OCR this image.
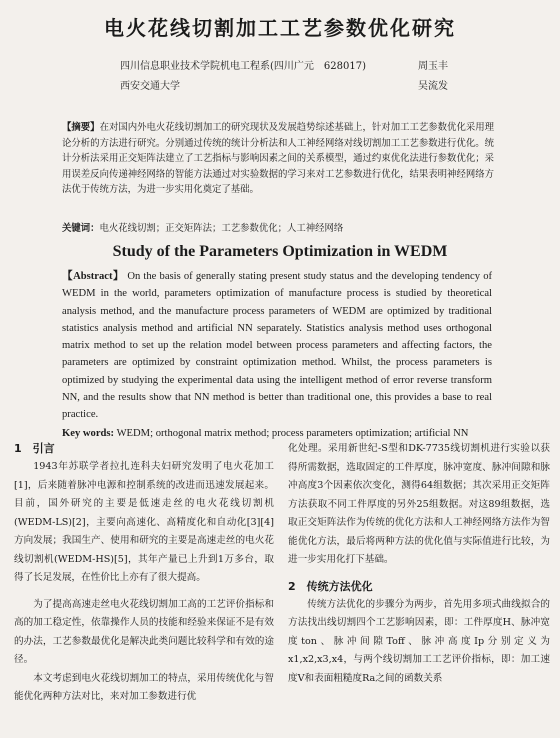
电火花线切割加工工艺参数优化研究
四川信息职业技术学院机电工程系(四川广元　628017)
西安交通大学
周玉丰
吴流发
【摘要】在对国内外电火花线切割加工的研究现状及发展趋势综述基础上，针对加工工艺参数优化采用理论分析的方法进行研究。分别通过传统的统计分析法和人工神经网络对线切割加工工艺参数进行优化。统计分析法采用正交矩阵法建立了工艺指标与影响因素之间的关系模型，通过约束优化法进行参数优化；采用误差反向传递神经网络的智能方法通过对实验数据的学习来对工艺参数进行优化，结果表明神经网络方法优于传统方法，为进一步实用化奠定了基础。
关键词：电火花线切割；正交矩阵法；工艺参数优化；人工神经网络
Study of the Parameters Optimization in WEDM
【Abstract】 On the basis of generally stating present study status and the developing tendency of WEDM in the world, parameters optimization of manufacture process is studied by theoretical analysis method, and the manufacture process parameters of WEDM are optimized by traditional statistics analysis method and artificial NN separately. Statistics analysis method uses orthogonal matrix method to set up the relation model between process parameters and affecting factors, the parameters are optimized by constraint optimization method. Whilst, the process parameters is optimized by studying the experimental data using the intelligent method of error reverse transform NN, and the results show that NN method is better than traditional one, this provides a base to real practice.
Key words: WEDM; orthogonal matrix method; process parameters optimization; artificial NN
1　引言

1943年苏联学者拉扎连科夫妇研究发明了电火花加工[1]，后来随着脉冲电源和控制系统的改进而迅速发展起来。目前，国外研究的主要是低速走丝的电火花线切割机(WEDM-LS)[2]，主要向高速化、高精度化和自动化[3][4]方向发展；我国生产、使用和研究的主要是高速走丝的电火花线切割机(WEDM-HS)[5]，其年产量已上升到1万多台，取得了长足发展，在性价比上亦有了很大提高。

为了提高高速走丝电火花线切割加工高的工艺评价指标和高的加工稳定性，依靠操作人员的技能和经验来保证不是有效的办法，工艺参数最优化是解决此类问题比较科学和有效的途径。

本文考虑到电火花线切割加工的特点，采用传统优化与智能优化两种方法对比，来对加工参数进行优

化处理。采用新世纪-S型和DK-7735线切割机进行实验以获得所需数据，选取固定的工件厚度，脉冲宽度、脉冲间隙和脉冲高度3个因素依次变化，测得64组数据；其次采用正交矩阵方法获取不同工件厚度的另外25组数据。对这89组数据，选取正交矩阵法作为传统的优化方法和人工神经网络方法作为智能优化方法，最后将两种方法的优化值与实际值进行比较，为进一步实用化打下基础。

2　传统方法优化

传统方法优化的步骤分为两步，首先用多项式曲线拟合的方法找出线切割四个工艺影响因素，即：工件厚度H、脉冲宽度ton、脉冲间隙Toff、脉冲高度Ip分别定义为x1,x2,x3,x4，与两个线切割加工工艺评价指标，即：加工速度V和表面粗糙度Ra之间的函数关系
